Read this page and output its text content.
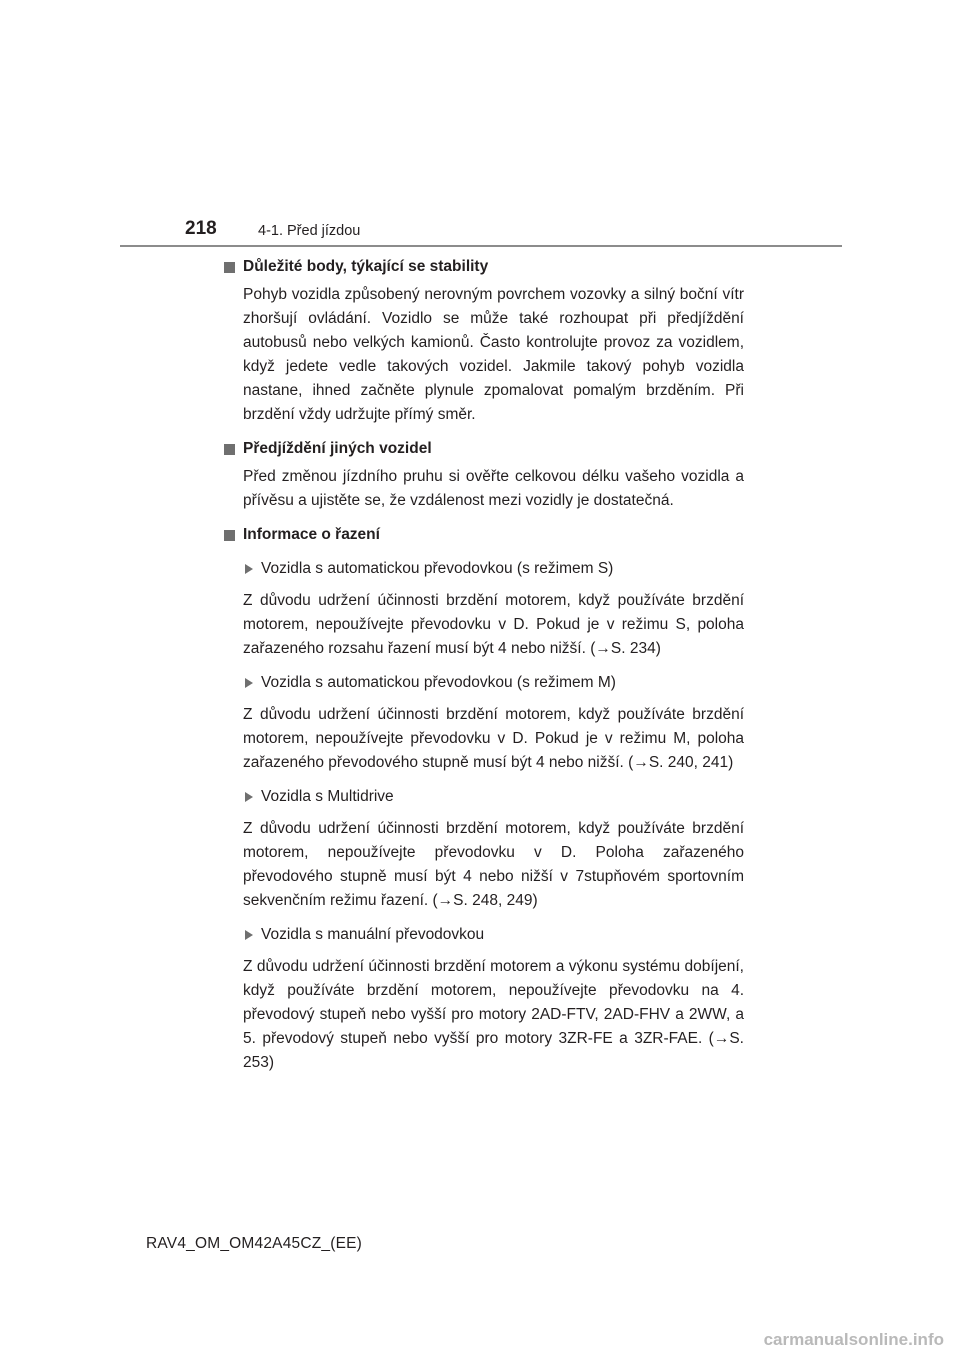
218	4-1. Před jízdou
Důležité body, týkající se stability

Pohyb vozidla způsobený nerovným povrchem vozovky a silný boční vítr zhoršují ovládání. Vozidlo se může také rozhoupat při předjíždění autobusů nebo velkých kamionů. Často kontrolujte provoz za vozidlem, když jedete vedle takových vozidel. Jakmile takový pohyb vozidla nastane, ihned začněte plynule zpomalovat pomalým brzděním. Při brzdění vždy udržujte přímý směr.

Předjíždění jiných vozidel

Před změnou jízdního pruhu si ověřte celkovou délku vašeho vozidla a přívěsu a ujistěte se, že vzdálenost mezi vozidly je dostatečná.

Informace o řazení
Vozidla s automatickou převodovkou (s režimem S)

Z důvodu udržení účinnosti brzdění motorem, když používáte brzdění motorem, nepoužívejte převodovku v D. Pokud je v režimu S, poloha zařazeného rozsahu řazení musí být 4 nebo nižší. (→S. 234)

Vozidla s automatickou převodovkou (s režimem M)

Z důvodu udržení účinnosti brzdění motorem, když používáte brzdění motorem, nepoužívejte převodovku v D. Pokud je v režimu M, poloha zařazeného převodového stupně musí být 4 nebo nižší. (→S. 240, 241)

Vozidla s Multidrive

Z důvodu udržení účinnosti brzdění motorem, když používáte brzdění motorem, nepoužívejte převodovku v D. Poloha zařazeného převodového stupně musí být 4 nebo nižší v 7stupňovém sportovním sekvenčním režimu řazení. (→S. 248, 249)

Vozidla s manuální převodovkou

Z důvodu udržení účinnosti brzdění motorem a výkonu systému dobíjení, když používáte brzdění motorem, nepoužívejte převodovku na 4. převodový stupeň nebo vyšší pro motory 2AD-FTV, 2AD-FHV a 2WW, a 5. převodový stupeň nebo vyšší pro motory 3ZR-FE a 3ZR-FAE. (→S. 253)

RAV4_OM_OM42A45CZ_(EE)
carmanualsonline.info
